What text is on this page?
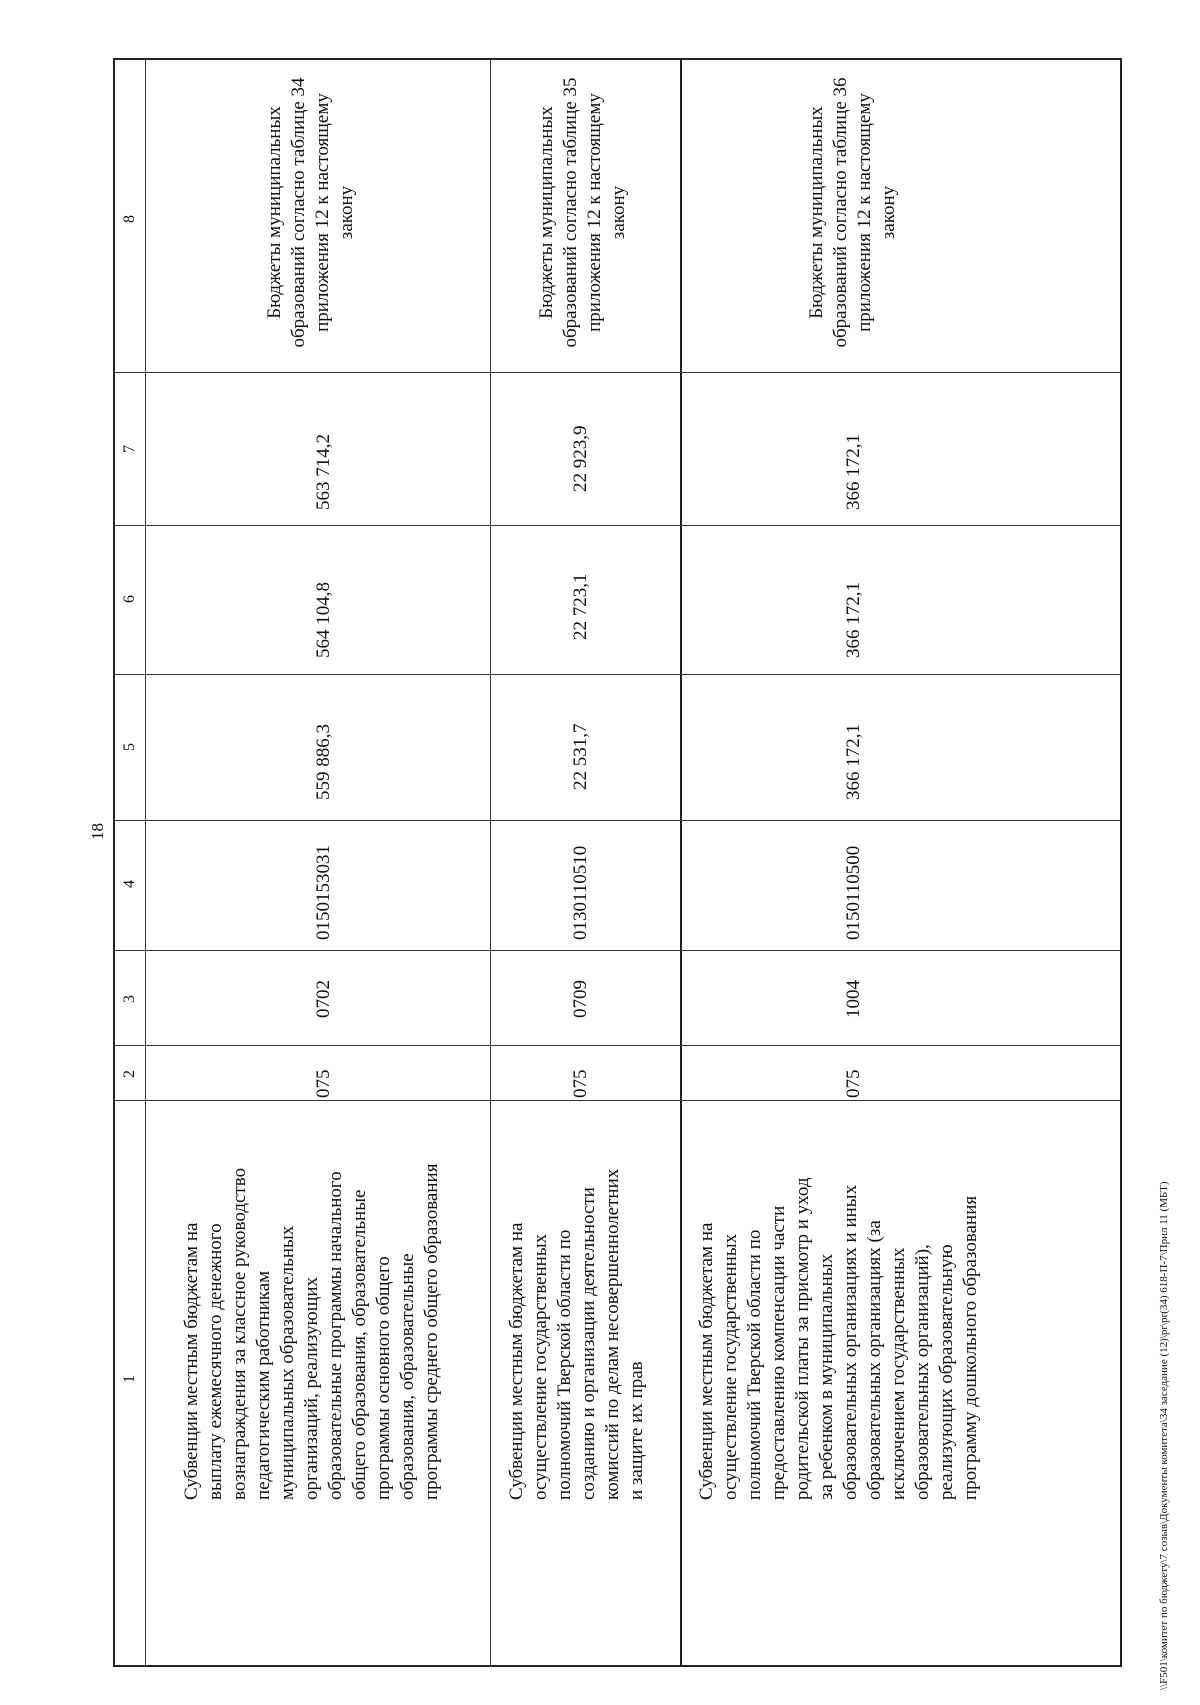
18
8
7
6
5
4
3
2
1
075
0702
0150153031
559 886,3
564 104,8
563 714,2
Субвенции местным бюджетам на выплату ежемесячного денежного вознаграждения за классное руководство педагогическим работникам муниципальных образовательных организаций, реализующих образовательные программы начального общего образования, образовательные программы основного общего образования, образовательные программы среднего общего образования
Бюджеты муниципальных образований согласно таблице 34 приложения 12 к настоящему закону
075
0709
0130110510
22 531,7
22 723,1
22 923,9
Субвенции местным бюджетам на осуществление государственных полномочий Тверской области по созданию и организации деятельности комиссий по делам несовершеннолетних и защите их прав
Бюджеты муниципальных образований согласно таблице 35 приложения 12 к настоящему закону
075
1004
0150110500
366 172,1
366 172,1
366 172,1
Субвенции местным бюджетам на осуществление государственных полномочий Тверской области по предоставлению компенсации части родительской платы за присмотр и уход за ребенком в муниципальных образовательных организациях и иных образовательных организациях (за исключением государственных образовательных организаций), реализующих образовательную программу дошкольного образования
Бюджеты муниципальных образований согласно таблице 36 приложения 12 к настоящему закону
\\F501\комитет по бюджету\7 созыв\Документы комитета\34 заседание (12)\pr\pr(34) 618-П-7\Прил 11 (МБТ)
